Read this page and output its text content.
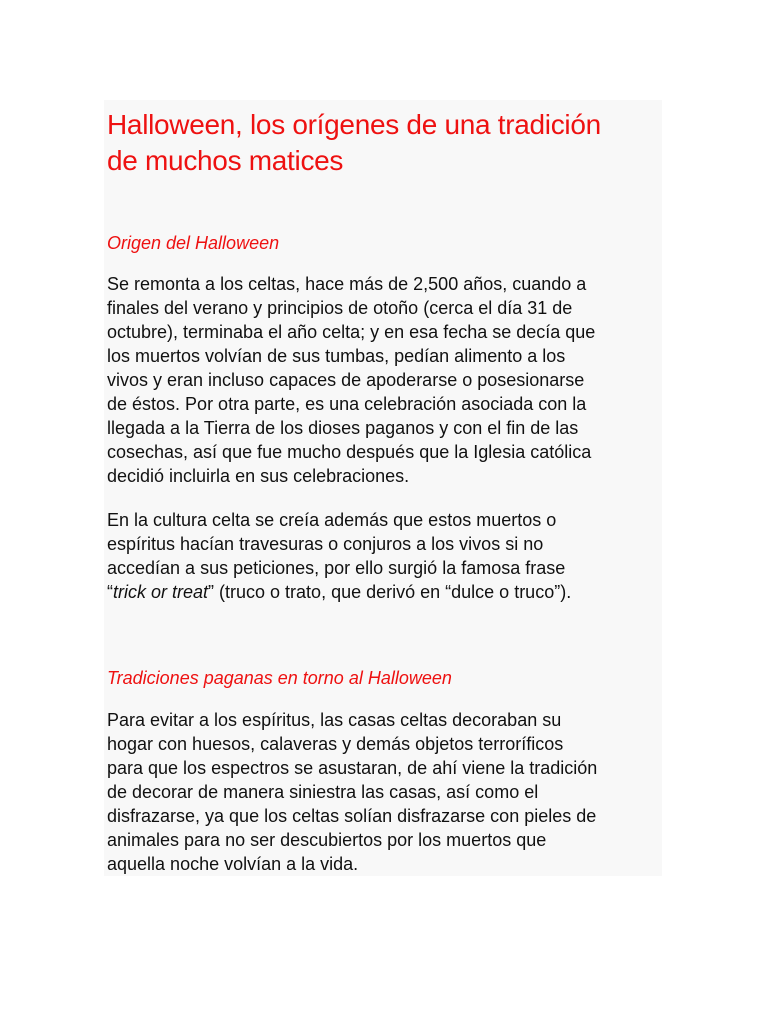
Halloween, los orígenes de una tradición
de muchos matices
Origen del Halloween

Se remonta a los celtas, hace más de 2,500 años, cuando a
finales del verano y principios de otoño (cerca el día 31 de
octubre), terminaba el año celta; y en esa fecha se decía que
los muertos volvían de sus tumbas, pedían alimento a los
vivos y eran incluso capaces de apoderarse o posesionarse
de éstos. Por otra parte, es una celebración asociada con la
llegada a la Tierra de los dioses paganos y con el fin de las
cosechas, así que fue mucho después que la Iglesia católica
decidió incluirla en sus celebraciones.

En la cultura celta se creía además que estos muertos o
espíritus hacían travesuras o conjuros a los vivos si no
accedían a sus peticiones, por ello surgió la famosa frase
“trick or treat” (truco o trato, que derivó en “dulce o truco”).

Tradiciones paganas en torno al Halloween

Para evitar a los espíritus, las casas celtas decoraban su
hogar con huesos, calaveras y demás objetos terroríficos
para que los espectros se asustaran, de ahí viene la tradición
de decorar de manera siniestra las casas, así como el
disfrazarse, ya que los celtas solían disfrazarse con pieles de
animales para no ser descubiertos por los muertos que
aquella noche volvían a la vida.
